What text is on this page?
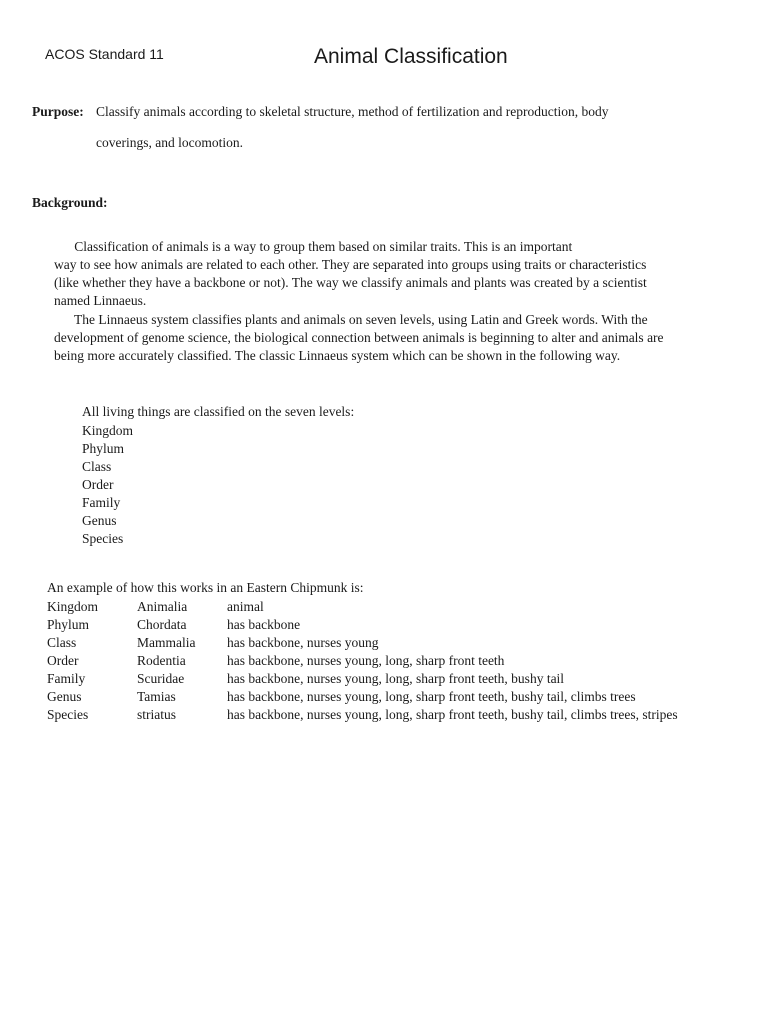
ACOS Standard 11	Animal Classification
Purpose: Classify animals according to skeletal structure, method of fertilization and reproduction, body
coverings, and locomotion.
Background:
Classification of animals is a way to group them based on similar traits. This is an important
way to see how animals are related to each other. They are separated into groups using traits or characteristics
(like whether they have a backbone or not). The way we classify animals and plants was created by a scientist
named Linnaeus.
The Linnaeus system classifies plants and animals on seven levels, using Latin and Greek words. With the
development of genome science, the biological connection between animals is beginning to alter and animals are
being more accurately classified. The classic Linnaeus system which can be shown in the following way.
All living things are classified on the seven levels:
Kingdom
Phylum
Class
Order
Family
Genus
Species
An example of how this works in an Eastern Chipmunk is:
Kingdom	Animalia	animal
Phylum	Chordata	has backbone
Class	Mammalia	has backbone, nurses young
Order	Rodentia	has backbone, nurses young, long, sharp front teeth
Family	Scuridae	has backbone, nurses young, long, sharp front teeth, bushy tail
Genus	Tamias	has backbone, nurses young, long, sharp front teeth, bushy tail, climbs trees
Species	striatus	has backbone, nurses young, long, sharp front teeth, bushy tail, climbs trees, stripes
